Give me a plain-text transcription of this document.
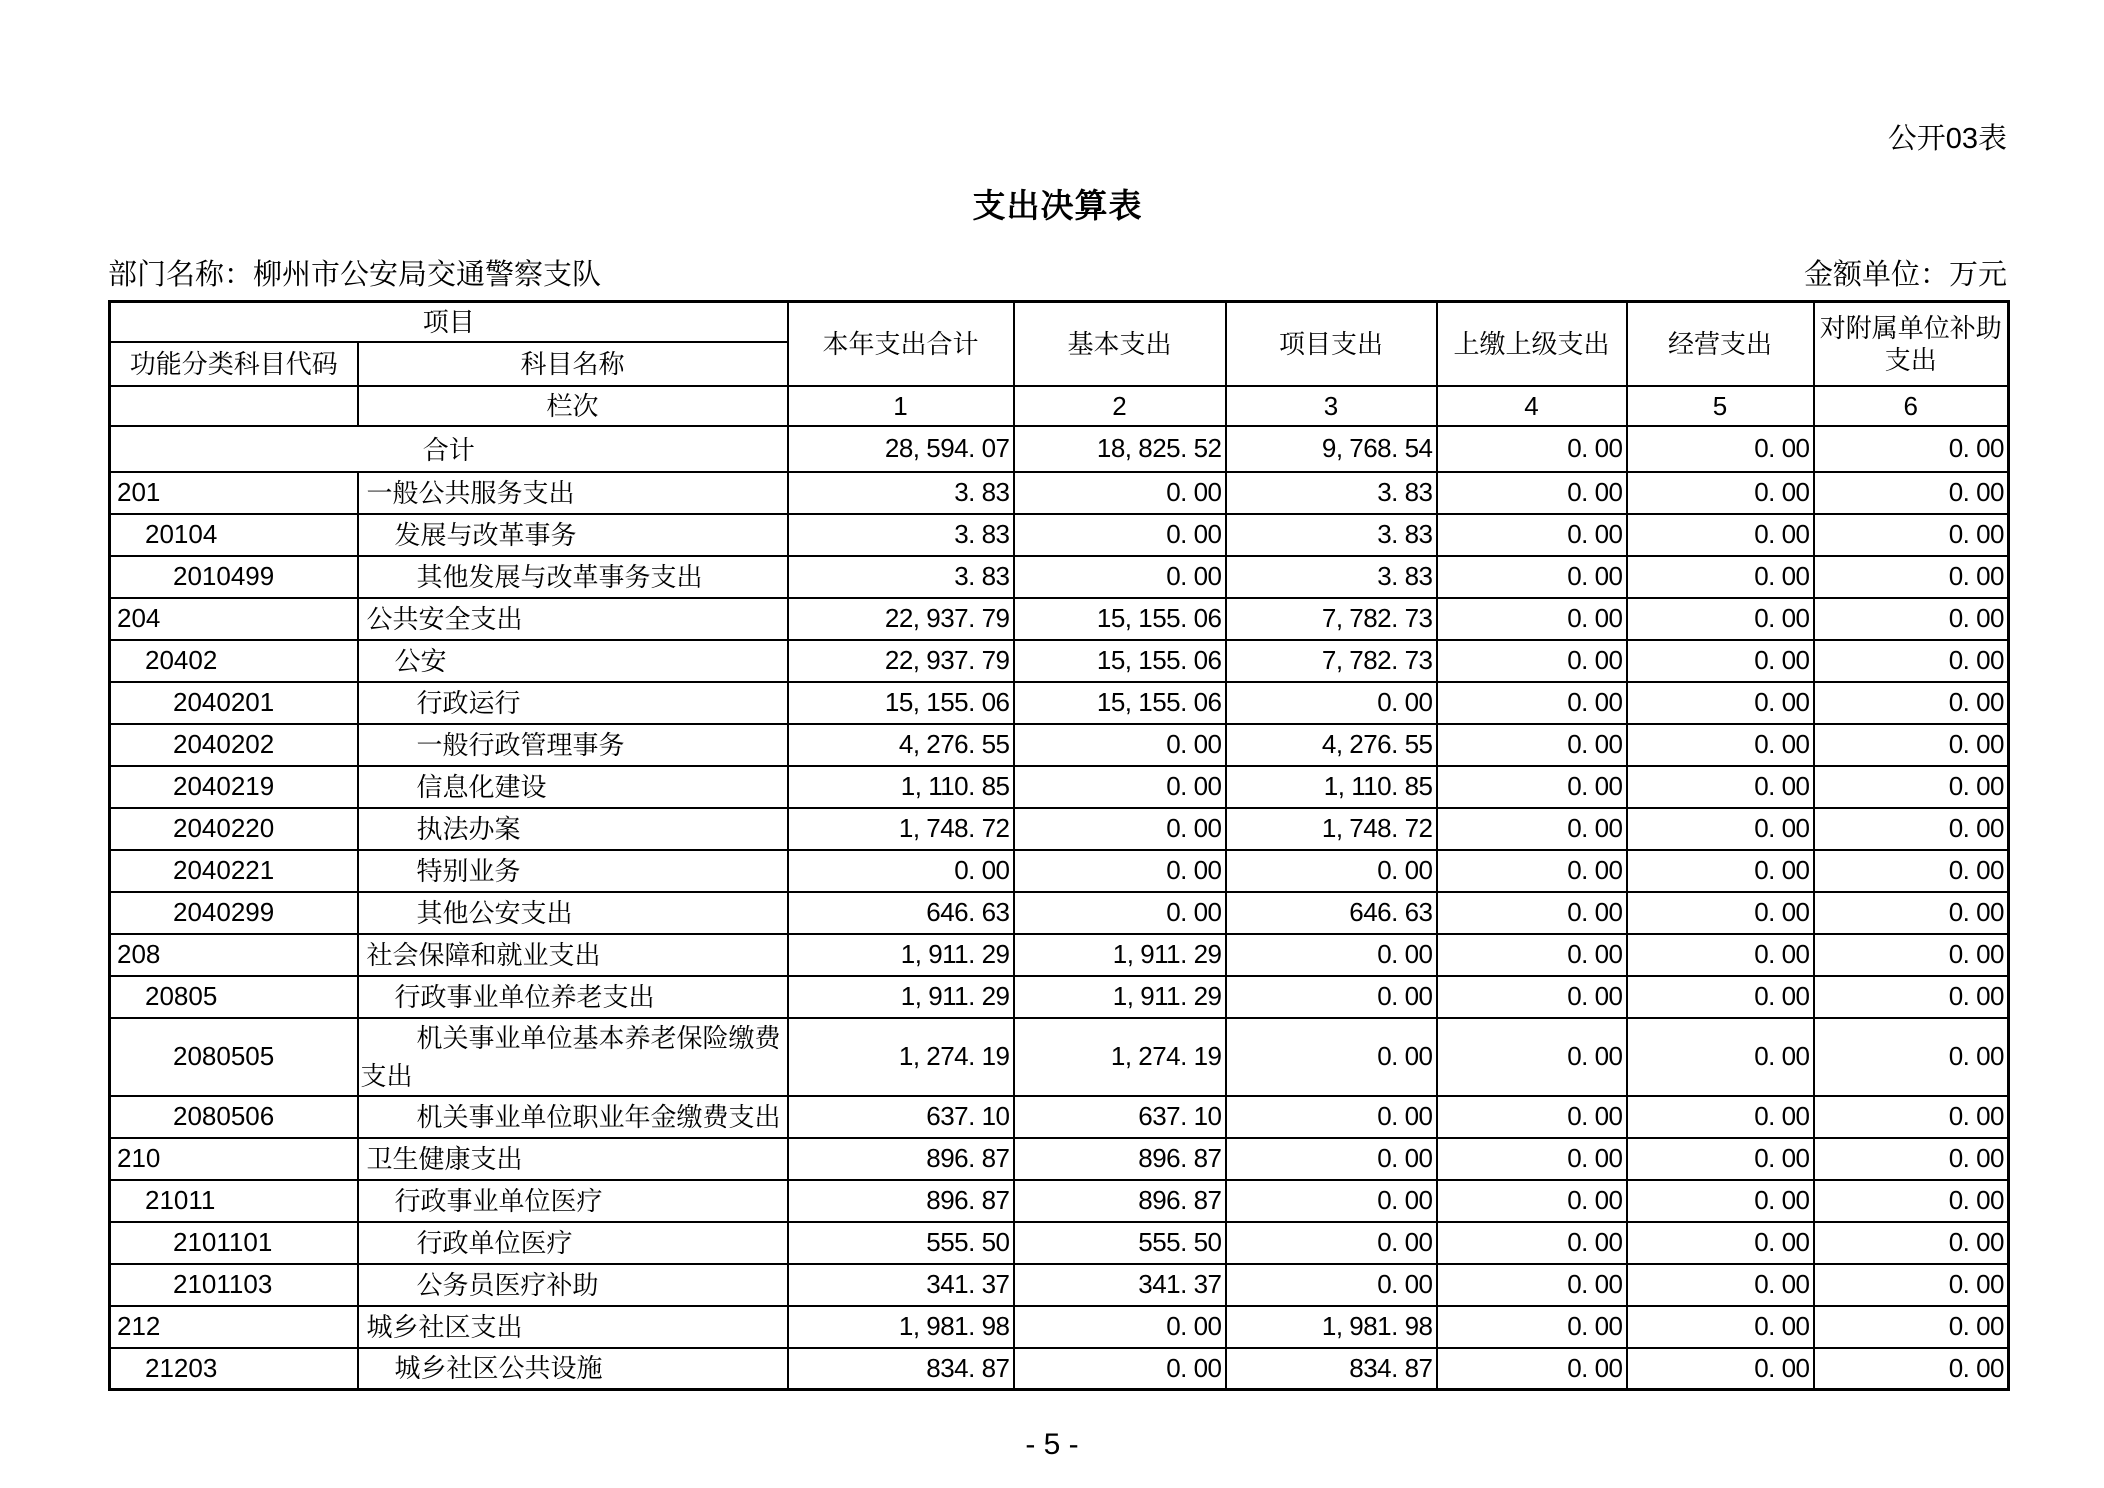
公开03表
支出决算表
部门名称：柳州市公安局交通警察支队	金额单位：万元
项目		本年支出合计	基本支出	项目支出	上缴上级支出	经营支出	对附属单位补助支出
功能分类科目代码	科目名称						
	栏次	1	2	3	4	5	6
合计		28, 594. 07	18, 825. 52	9, 768. 54	0. 00	0. 00	0. 00
201	一般公共服务支出	3. 83	0. 00	3. 83	0. 00	0. 00	0. 00
20104	发展与改革事务	3. 83	0. 00	3. 83	0. 00	0. 00	0. 00
2010499	其他发展与改革事务支出	3. 83	0. 00	3. 83	0. 00	0. 00	0. 00
204	公共安全支出	22, 937. 79	15, 155. 06	7, 782. 73	0. 00	0. 00	0. 00
20402	公安	22, 937. 79	15, 155. 06	7, 782. 73	0. 00	0. 00	0. 00
2040201	行政运行	15, 155. 06	15, 155. 06	0. 00	0. 00	0. 00	0. 00
2040202	一般行政管理事务	4, 276. 55	0. 00	4, 276. 55	0. 00	0. 00	0. 00
2040219	信息化建设	1, 110. 85	0. 00	1, 110. 85	0. 00	0. 00	0. 00
2040220	执法办案	1, 748. 72	0. 00	1, 748. 72	0. 00	0. 00	0. 00
2040221	特别业务	0. 00	0. 00	0. 00	0. 00	0. 00	0. 00
2040299	其他公安支出	646. 63	0. 00	646. 63	0. 00	0. 00	0. 00
208	社会保障和就业支出	1, 911. 29	1, 911. 29	0. 00	0. 00	0. 00	0. 00
20805	行政事业单位养老支出	1, 911. 29	1, 911. 29	0. 00	0. 00	0. 00	0. 00
2080505	机关事业单位基本养老保险缴费支出	1, 274. 19	1, 274. 19	0. 00	0. 00	0. 00	0. 00
2080506	机关事业单位职业年金缴费支出	637. 10	637. 10	0. 00	0. 00	0. 00	0. 00
210	卫生健康支出	896. 87	896. 87	0. 00	0. 00	0. 00	0. 00
21011	行政事业单位医疗	896. 87	896. 87	0. 00	0. 00	0. 00	0. 00
2101101	行政单位医疗	555. 50	555. 50	0. 00	0. 00	0. 00	0. 00
2101103	公务员医疗补助	341. 37	341. 37	0. 00	0. 00	0. 00	0. 00
212	城乡社区支出	1, 981. 98	0. 00	1, 981. 98	0. 00	0. 00	0. 00
21203	城乡社区公共设施	834. 87	0. 00	834. 87	0. 00	0. 00	0. 00
- 5 -
